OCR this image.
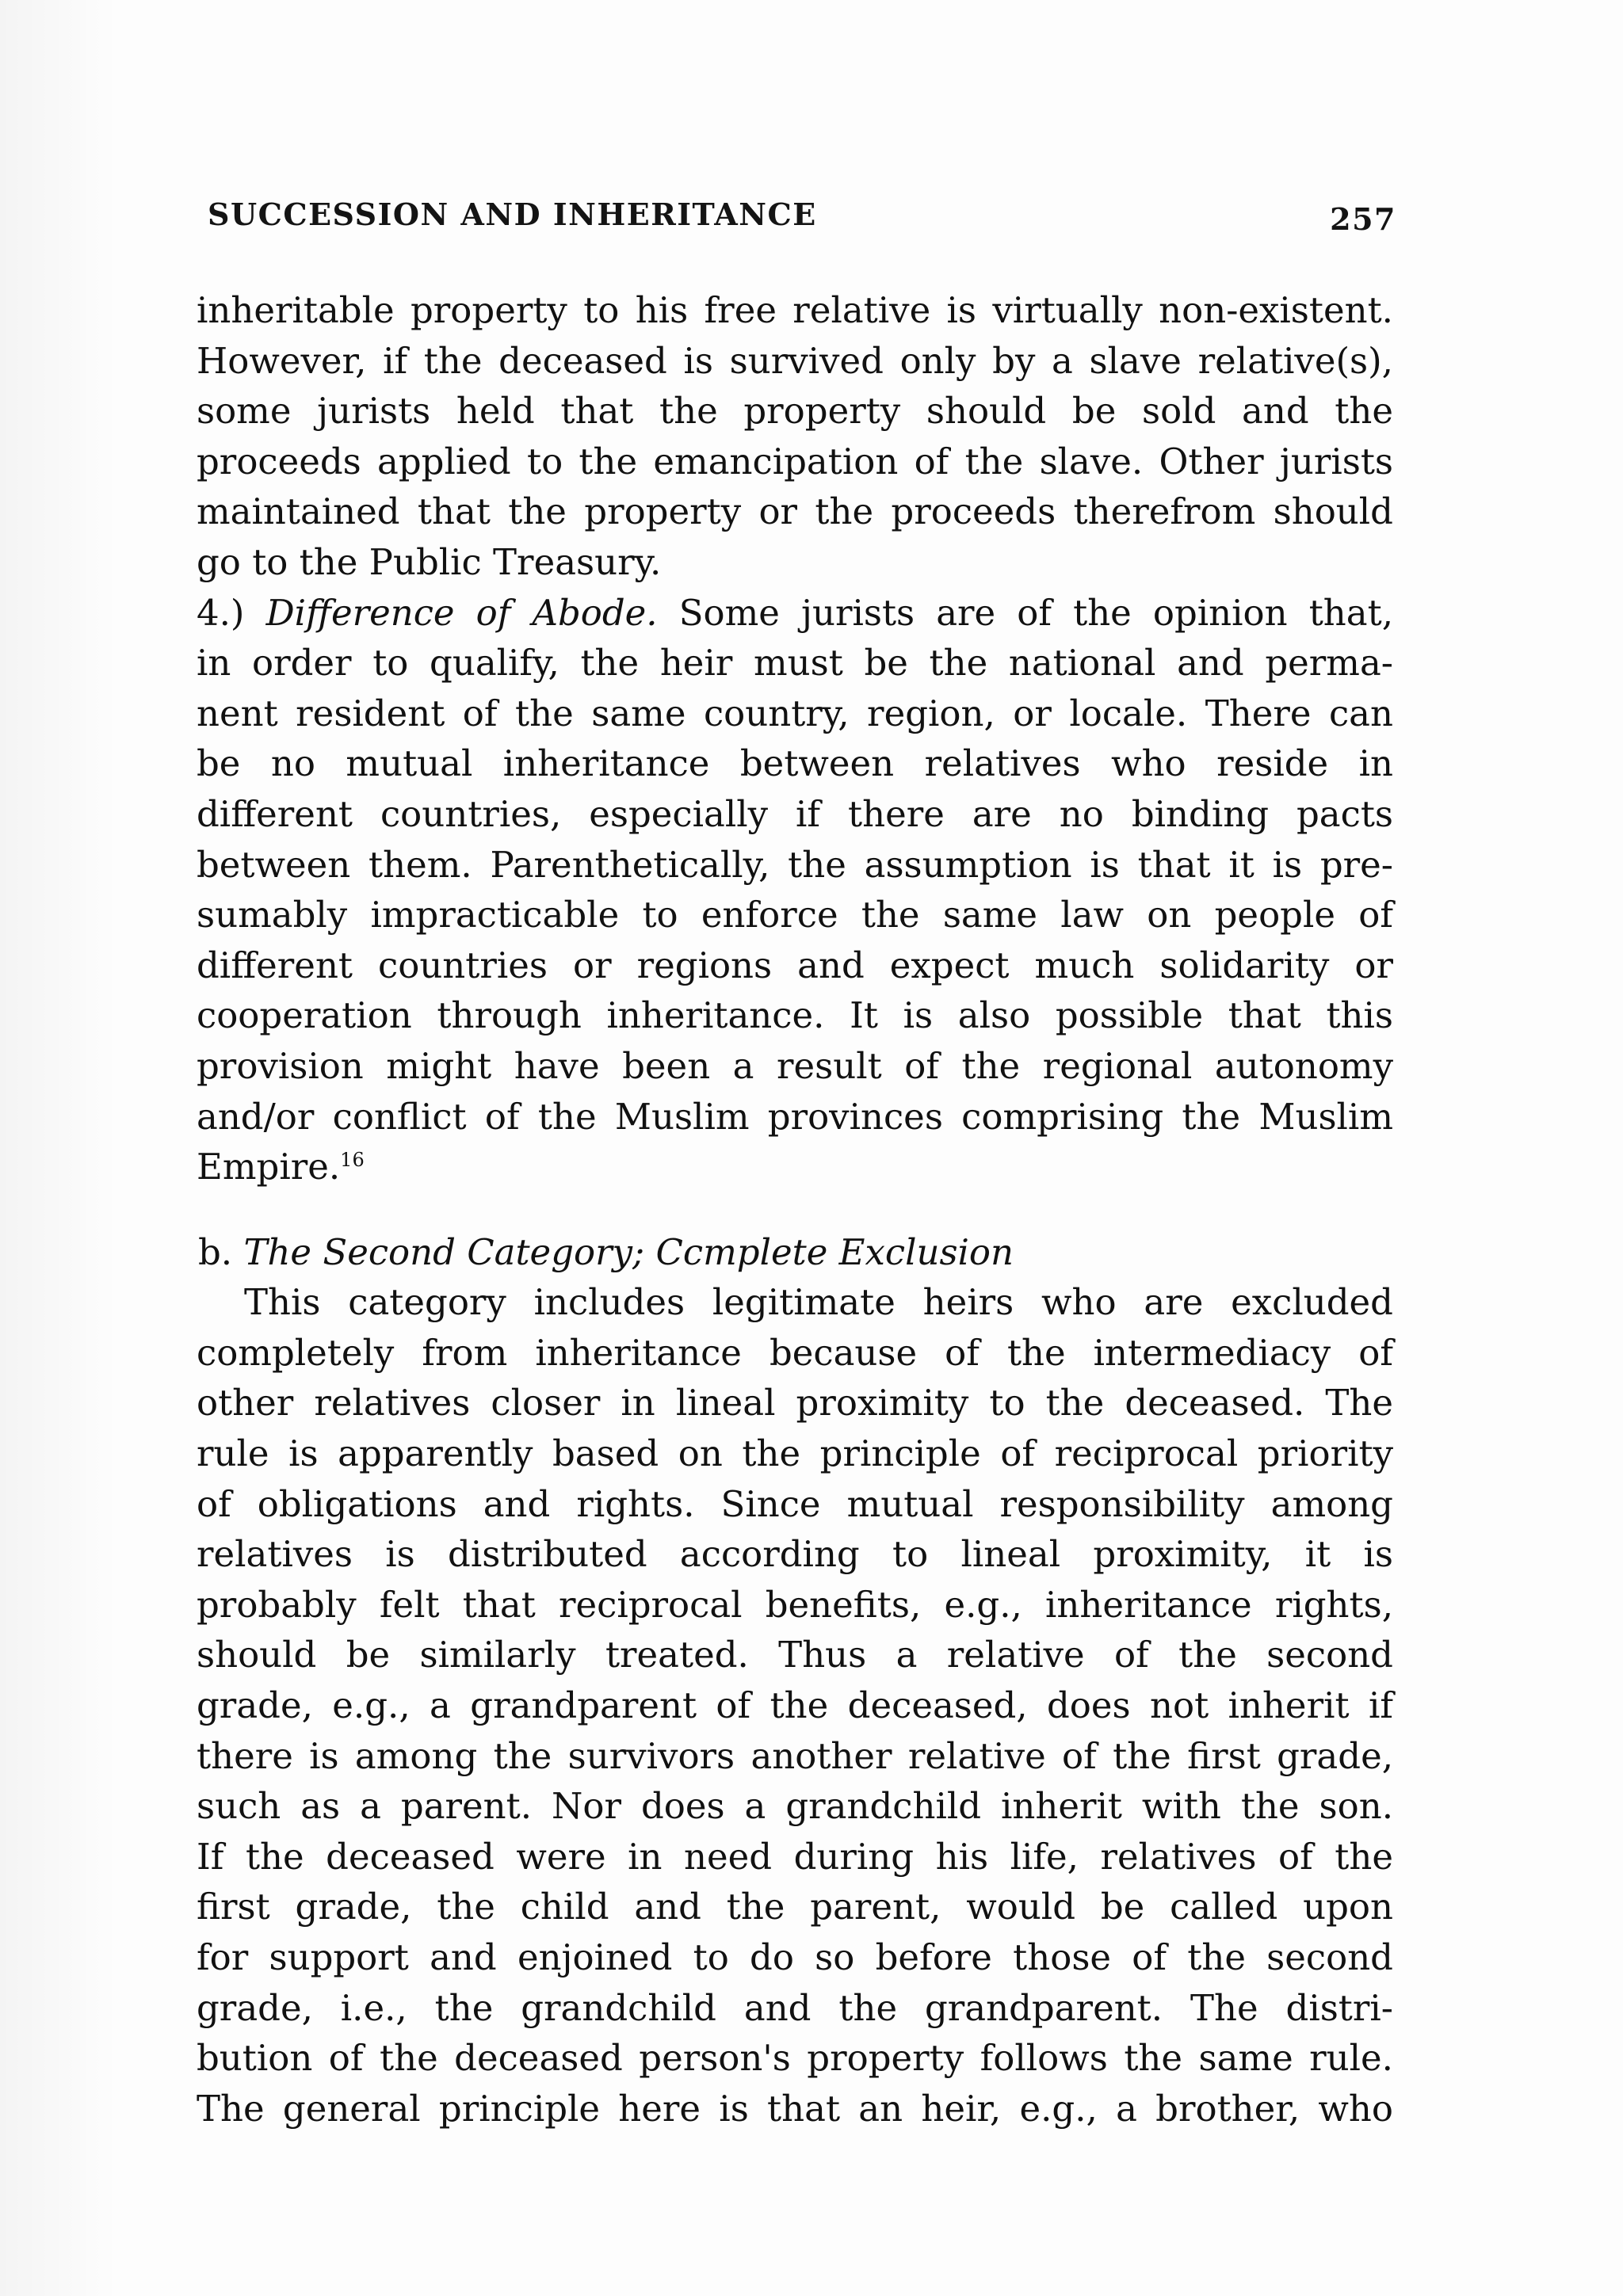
SUCCESSION AND INHERITANCE	257
inheritable property to his free relative is virtually non-existent.
However, if the deceased is survived only by a slave relative(s),
some jurists held that the property should be sold and the
proceeds applied to the emancipation of the slave. Other jurists
maintained that the property or the proceeds therefrom should
go to the Public Treasury.
4.) Difference of Abode. Some jurists are of the opinion that,
in order to qualify, the heir must be the national and perma-
nent resident of the same country, region, or locale. There can
be no mutual inheritance between relatives who reside in
different countries, especially if there are no binding pacts
between them. Parenthetically, the assumption is that it is pre-
sumably impracticable to enforce the same law on people of
different countries or regions and expect much solidarity or
cooperation through inheritance. It is also possible that this
provision might have been a result of the regional autonomy
and/or conflict of the Muslim provinces comprising the Muslim
Empire.$^{16}$
b. The Second Category; Ccmplete Exclusion
This category includes legitimate heirs who are excluded
completely from inheritance because of the intermediacy of
other relatives closer in lineal proximity to the deceased. The
rule is apparently based on the principle of reciprocal priority
of obligations and rights. Since mutual responsibility among
relatives is distributed according to lineal proximity, it is
probably felt that reciprocal benefits, e.g., inheritance rights,
should be similarly treated. Thus a relative of the second
grade, e.g., a grandparent of the deceased, does not inherit if
there is among the survivors another relative of the first grade,
such as a parent. Nor does a grandchild inherit with the son.
If the deceased were in need during his life, relatives of the
first grade, the child and the parent, would be called upon
for support and enjoined to do so before those of the second
grade, i.e., the grandchild and the grandparent. The distri-
bution of the deceased person's property follows the same rule.
The general principle here is that an heir, e.g., a brother, who
